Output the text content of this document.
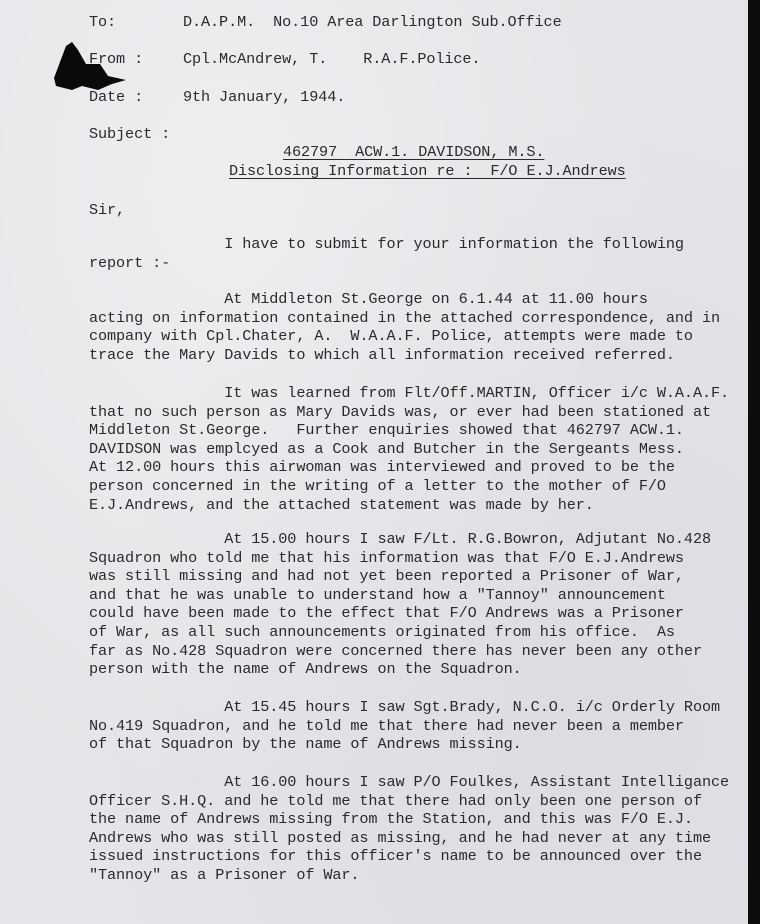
To:	D.A.P.M.  No.10 Area Darlington Sub.Office
From :	Cpl.McAndrew, T.    R.A.F.Police.
Date :	9th January, 1944.
Subject :
462797  ACW.1. DAVIDSON, M.S.
Disclosing Information re :  F/O E.J.Andrews
Sir,
I have to submit for your information the following
report :-
At Middleton St.George on 6.1.44 at 11.00 hours
acting on information contained in the attached correspondence, and in
company with Cpl.Chater, A.  W.A.A.F. Police, attempts were made to
trace the Mary Davids to which all information received referred.
It was learned from Flt/Off.MARTIN, Officer i/c W.A.A.F.
that no such person as Mary Davids was, or ever had been stationed at
Middleton St.George.   Further enquiries showed that 462797 ACW.1.
DAVIDSON was emplcyed as a Cook and Butcher in the Sergeants Mess.
At 12.00 hours this airwoman was interviewed and proved to be the
person concerned in the writing of a letter to the mother of F/O
E.J.Andrews, and the attached statement was made by her.
At 15.00 hours I saw F/Lt. R.G.Bowron, Adjutant No.428
Squadron who told me that his information was that F/O E.J.Andrews
was still missing and had not yet been reported a Prisoner of War,
and that he was unable to understand how a "Tannoy" announcement
could have been made to the effect that F/O Andrews was a Prisoner
of War, as all such announcements originated from his office.  As
far as No.428 Squadron were concerned there has never been any other
person with the name of Andrews on the Squadron.
At 15.45 hours I saw Sgt.Brady, N.C.O. i/c Orderly Room
No.419 Squadron, and he told me that there had never been a member
of that Squadron by the name of Andrews missing.
At 16.00 hours I saw P/O Foulkes, Assistant Intelligance
Officer S.H.Q. and he told me that there had only been one person of
the name of Andrews missing from the Station, and this was F/O E.J.
Andrews who was still posted as missing, and he had never at any time
issued instructions for this officer's name to be announced over the
"Tannoy" as a Prisoner of War.
